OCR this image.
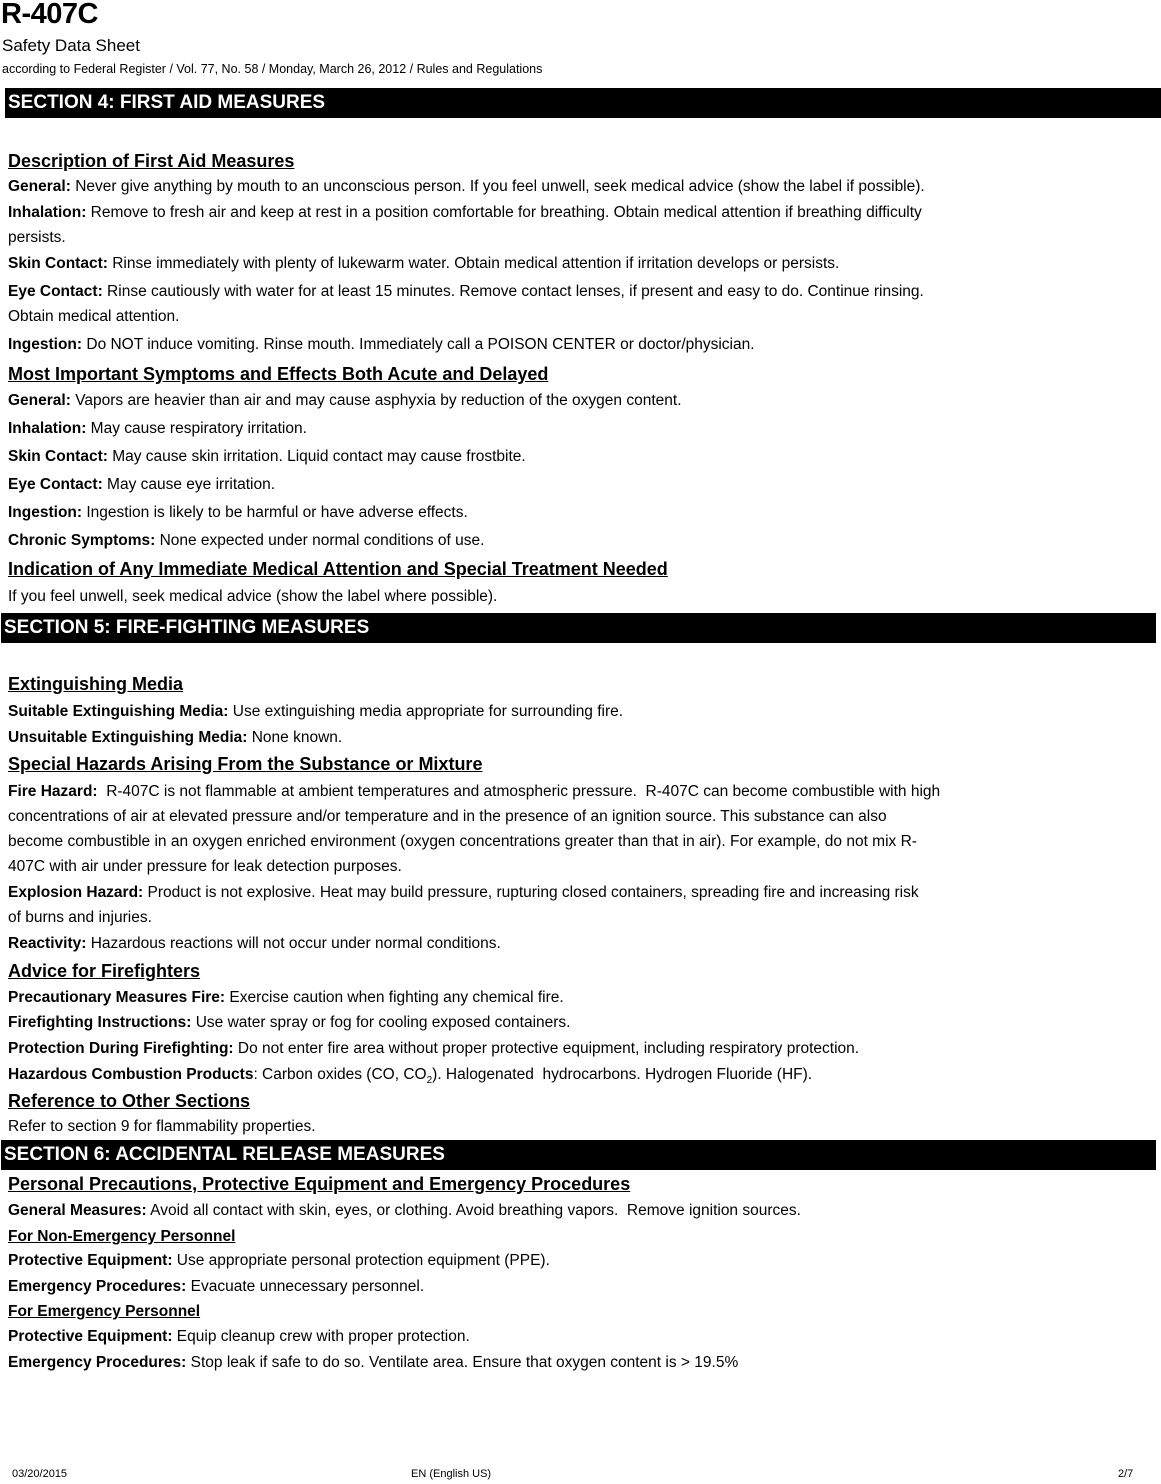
R-407C
Safety Data Sheet
according to Federal Register / Vol. 77, No. 58 / Monday, March 26, 2012 / Rules and Regulations
SECTION 4: FIRST AID MEASURES
Description of First Aid Measures
General: Never give anything by mouth to an unconscious person. If you feel unwell, seek medical advice (show the label if possible).
Inhalation: Remove to fresh air and keep at rest in a position comfortable for breathing. Obtain medical attention if breathing difficulty
persists.
Skin Contact: Rinse immediately with plenty of lukewarm water. Obtain medical attention if irritation develops or persists.
Eye Contact: Rinse cautiously with water for at least 15 minutes. Remove contact lenses, if present and easy to do. Continue rinsing.
Obtain medical attention.
Ingestion: Do NOT induce vomiting. Rinse mouth. Immediately call a POISON CENTER or doctor/physician.
Most Important Symptoms and Effects Both Acute and Delayed
General: Vapors are heavier than air and may cause asphyxia by reduction of the oxygen content.
Inhalation: May cause respiratory irritation.
Skin Contact: May cause skin irritation. Liquid contact may cause frostbite.
Eye Contact: May cause eye irritation.
Ingestion: Ingestion is likely to be harmful or have adverse effects.
Chronic Symptoms: None expected under normal conditions of use.
Indication of Any Immediate Medical Attention and Special Treatment Needed
If you feel unwell, seek medical advice (show the label where possible).
SECTION 5: FIRE-FIGHTING MEASURES
Extinguishing Media
Suitable Extinguishing Media: Use extinguishing media appropriate for surrounding fire.
Unsuitable Extinguishing Media: None known.
Special Hazards Arising From the Substance or Mixture
Fire Hazard:  R-407C is not flammable at ambient temperatures and atmospheric pressure.  R-407C can become combustible with high
concentrations of air at elevated pressure and/or temperature and in the presence of an ignition source. This substance can also
become combustible in an oxygen enriched environment (oxygen concentrations greater than that in air). For example, do not mix R-
407C with air under pressure for leak detection purposes.
Explosion Hazard: Product is not explosive. Heat may build pressure, rupturing closed containers, spreading fire and increasing risk
of burns and injuries.
Reactivity: Hazardous reactions will not occur under normal conditions.
Advice for Firefighters
Precautionary Measures Fire: Exercise caution when fighting any chemical fire.
Firefighting Instructions: Use water spray or fog for cooling exposed containers.
Protection During Firefighting: Do not enter fire area without proper protective equipment, including respiratory protection.
Hazardous Combustion Products: Carbon oxides (CO, $CO_2$). Halogenated  hydrocarbons. Hydrogen Fluoride (HF).
Reference to Other Sections
Refer to section 9 for flammability properties.
SECTION 6: ACCIDENTAL RELEASE MEASURES
Personal Precautions, Protective Equipment and Emergency Procedures
General Measures: Avoid all contact with skin, eyes, or clothing. Avoid breathing vapors.  Remove ignition sources.
For Non-Emergency Personnel
Protective Equipment: Use appropriate personal protection equipment (PPE).
Emergency Procedures: Evacuate unnecessary personnel.
For Emergency Personnel
Protective Equipment: Equip cleanup crew with proper protection.
Emergency Procedures: Stop leak if safe to do so. Ventilate area. Ensure that oxygen content is > 19.5%
03/20/2015	EN (English US)	2/7
